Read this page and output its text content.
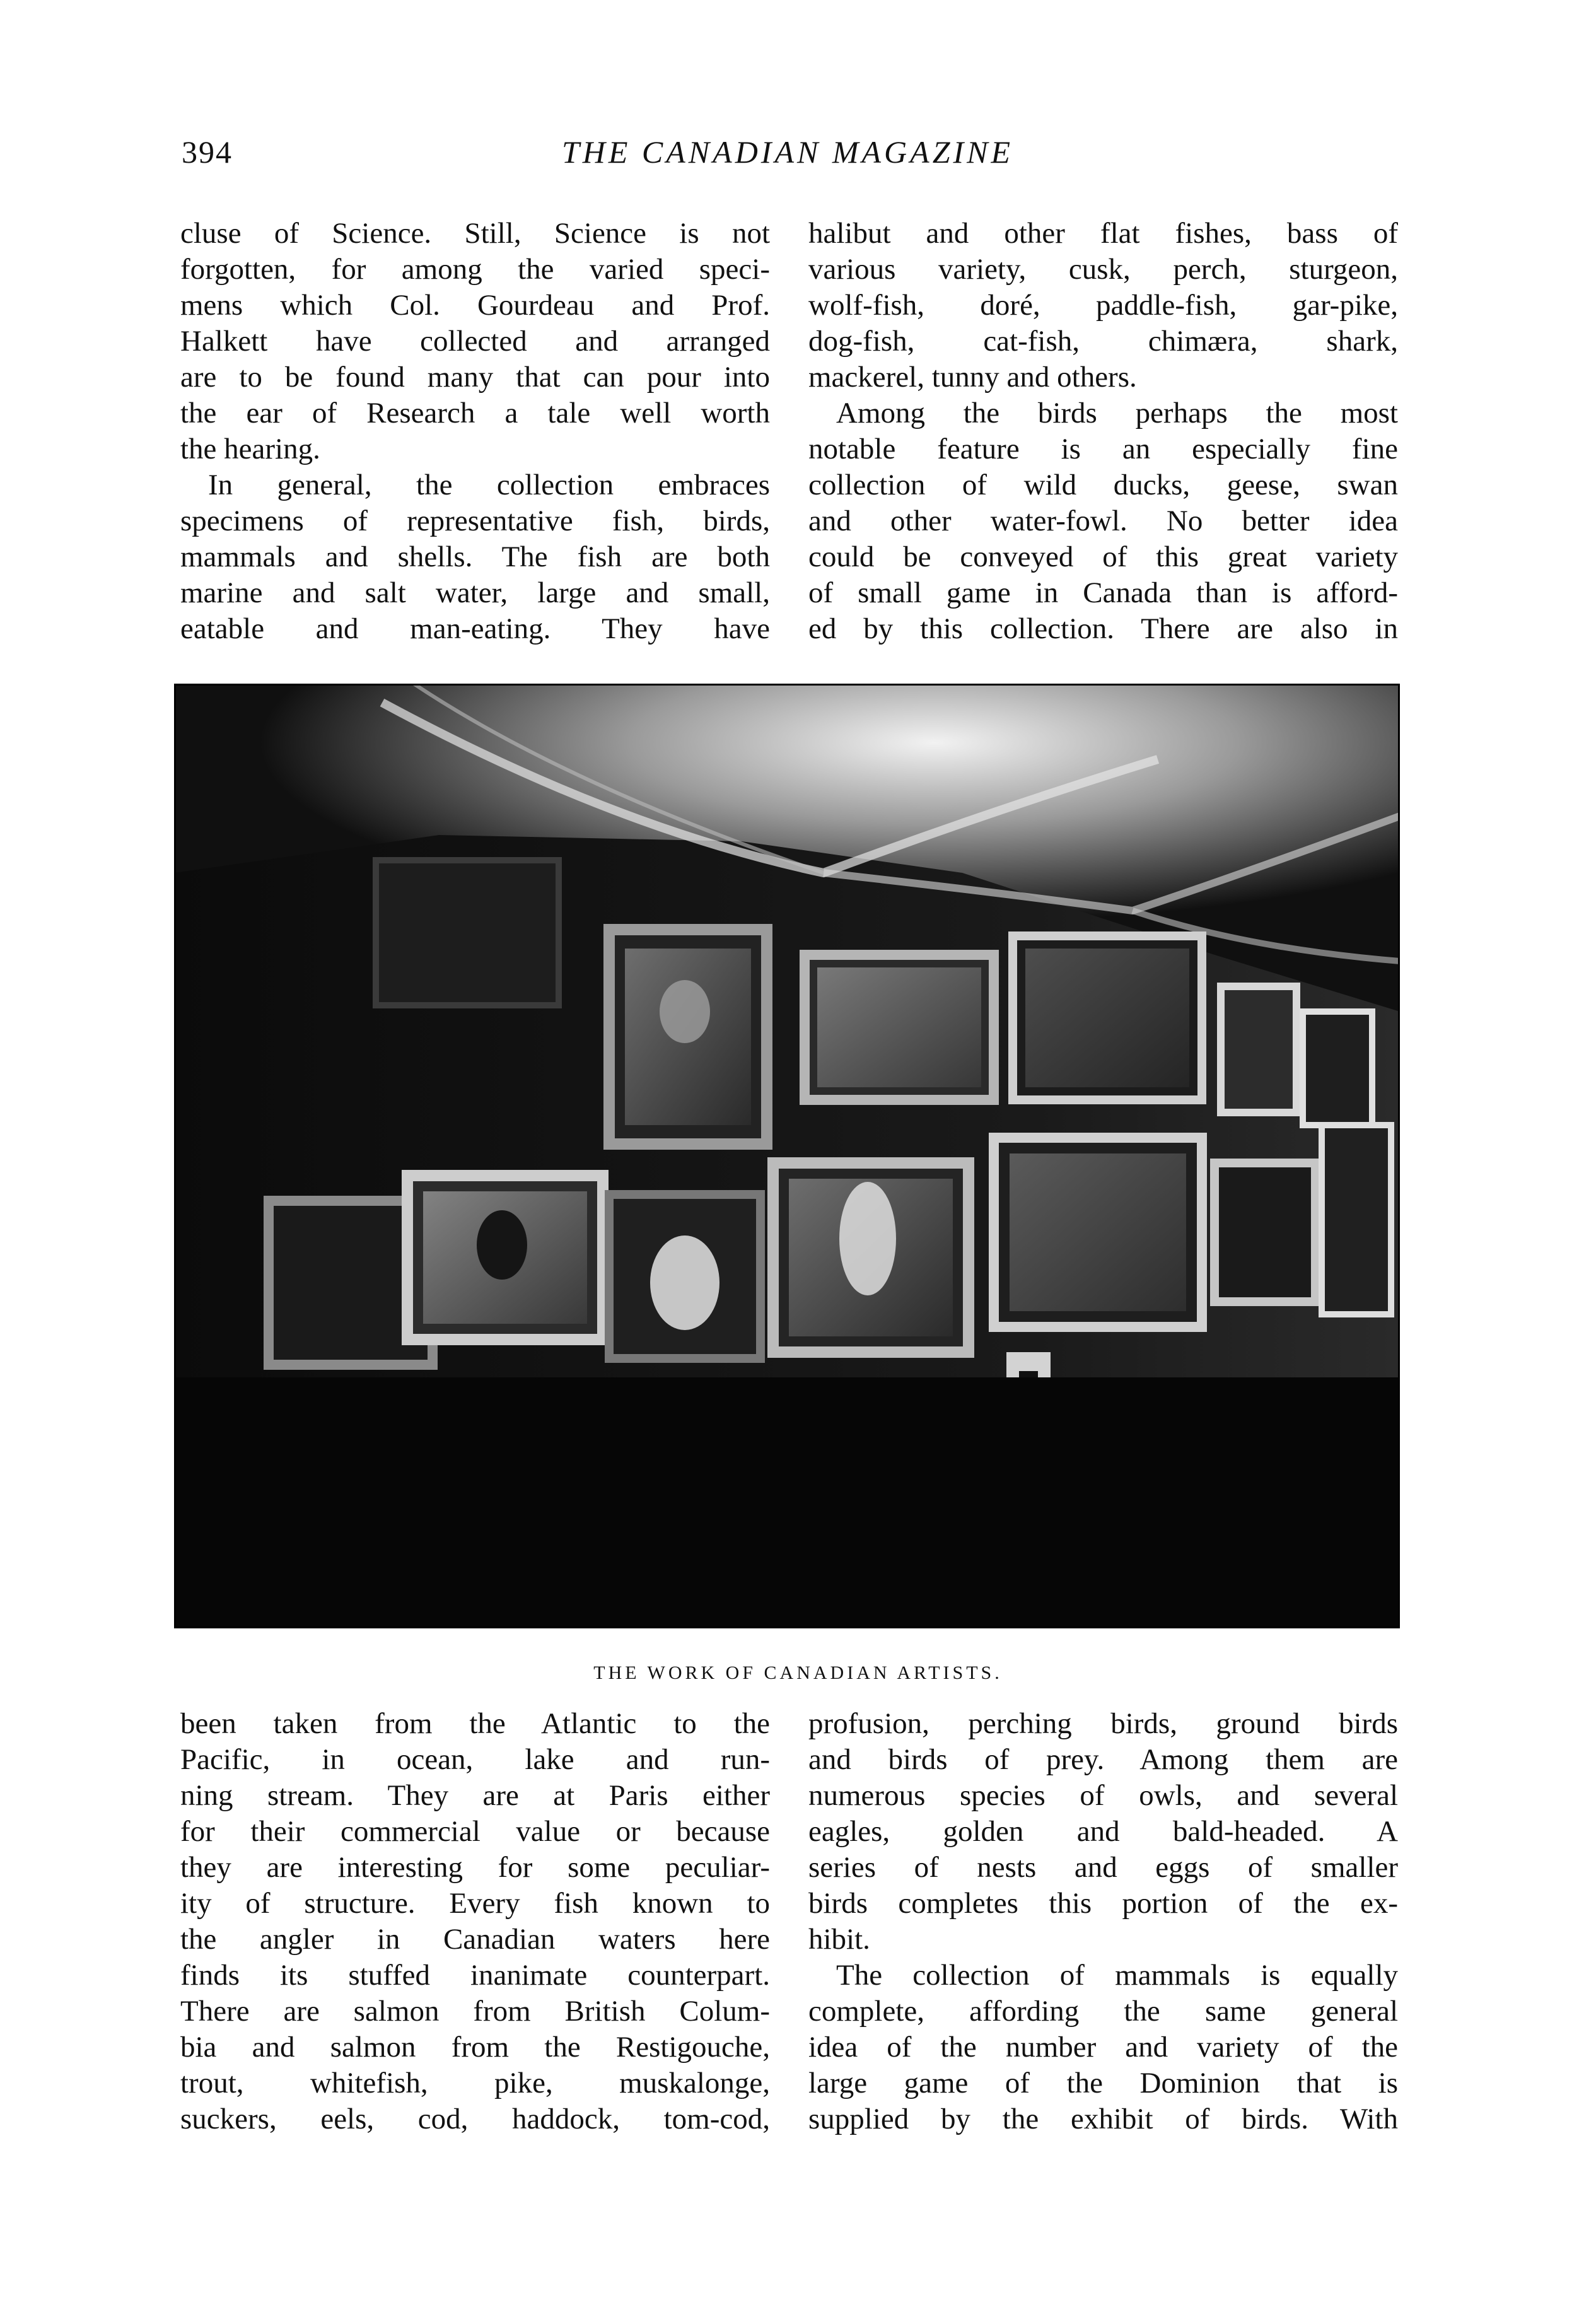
394	THE CANADIAN MAGAZINE
cluse of Science. Still, Science is not
forgotten, for among the varied speci-
mens which Col. Gourdeau and Prof.
Halkett have collected and arranged
are to be found many that can pour into
the ear of Research a tale well worth
the hearing.
In general, the collection embraces
specimens of representative fish, birds,
mammals and shells. The fish are both
marine and salt water, large and small,
eatable and man-eating. They have
halibut and other flat fishes, bass of
various variety, cusk, perch, sturgeon,
wolf-fish, doré, paddle-fish, gar-pike,
dog-fish, cat-fish, chimæra, shark,
mackerel, tunny and others.
Among the birds perhaps the most
notable feature is an especially fine
collection of wild ducks, geese, swan
and other water-fowl. No better idea
could be conveyed of this great variety
of small game in Canada than is afford-
ed by this collection. There are also in
THE WORK OF CANADIAN ARTISTS.
been taken from the Atlantic to the
Pacific, in ocean, lake and run-
ning stream. They are at Paris either
for their commercial value or because
they are interesting for some peculiar-
ity of structure. Every fish known to
the angler in Canadian waters here
finds its stuffed inanimate counterpart.
There are salmon from British Colum-
bia and salmon from the Restigouche,
trout, whitefish, pike, muskalonge,
suckers, eels, cod, haddock, tom-cod,
profusion, perching birds, ground birds
and birds of prey. Among them are
numerous species of owls, and several
eagles, golden and bald-headed. A
series of nests and eggs of smaller
birds completes this portion of the ex-
hibit.
The collection of mammals is equally
complete, affording the same general
idea of the number and variety of the
large game of the Dominion that is
supplied by the exhibit of birds. With
